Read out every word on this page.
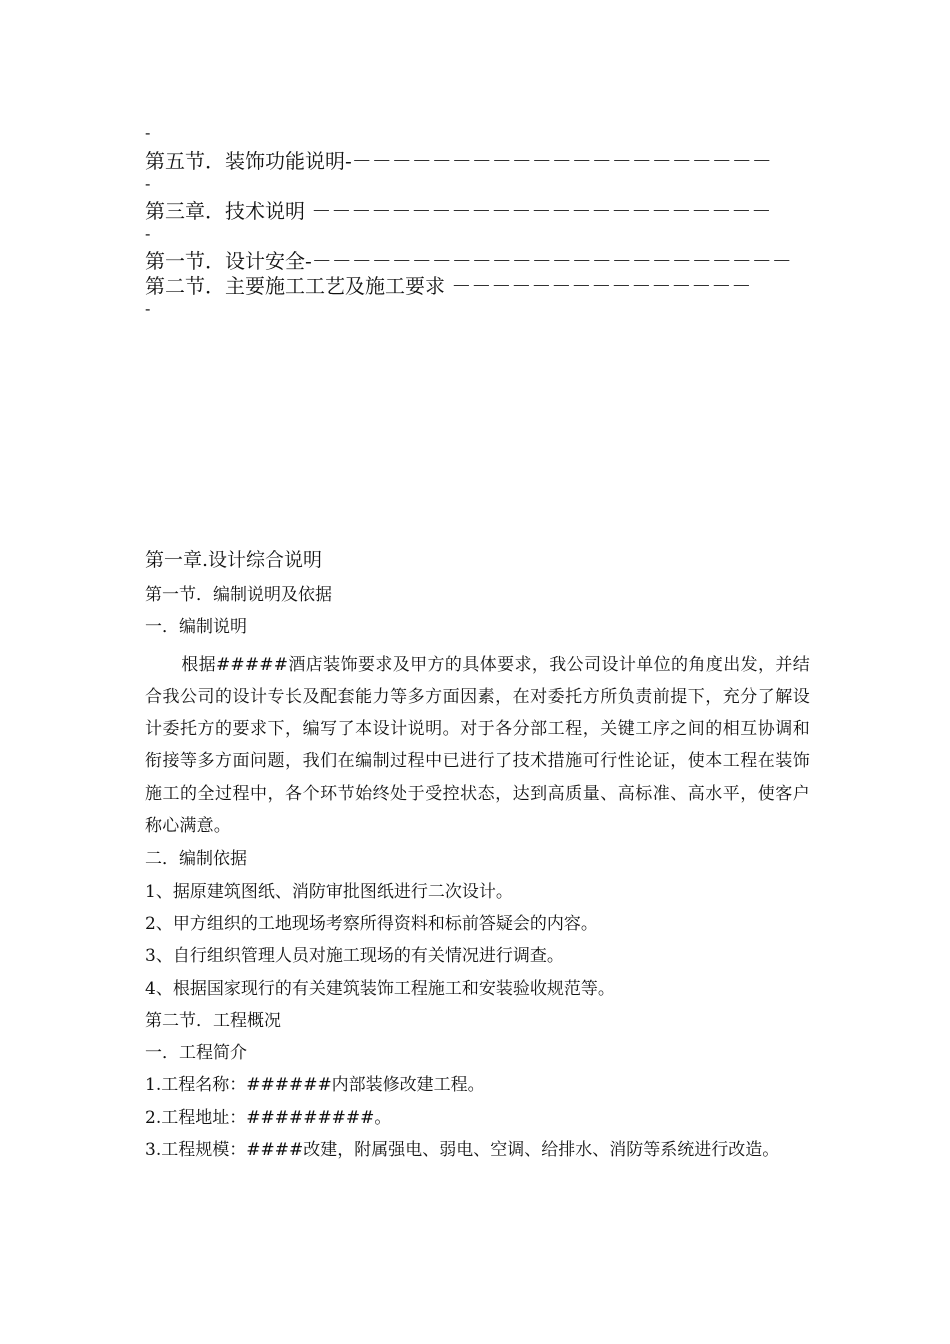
-
第五节．装饰功能说明-－－－－－－－－－－－－－－－－－－－－－
第三章．技术说明 －－－－－－－－－－－－－－－－－－－－－－－
第一节．设计安全-－－－－－－－－－－－－－－－－－－－－－－－－
第二节．主要施工工艺及施工要求 －－－－－－－－－－－－－－－
-
-
-
第一章.设计综合说明
第一节．编制说明及依据
一．编制说明
根据#####酒店装饰要求及甲方的具体要求，我公司设计单位的角度出发，并结合我公司的设计专长及配套能力等多方面因素，在对委托方所负责前提下，充分了解设计委托方的要求下，编写了本设计说明。对于各分部工程，关键工序之间的相互协调和衔接等多方面问题，我们在编制过程中已进行了技术措施可行性论证，使本工程在装饰施工的全过程中，各个环节始终处于受控状态，达到高质量、高标准、高水平，使客户称心满意。
二．编制依据
1、据原建筑图纸、消防审批图纸进行二次设计。
2、甲方组织的工地现场考察所得资料和标前答疑会的内容。
3、自行组织管理人员对施工现场的有关情况进行调查。
4、根据国家现行的有关建筑装饰工程施工和安装验收规范等。
第二节．工程概况
一．工程简介
1.工程名称：######内部装修改建工程。
2.工程地址：#########。
3.工程规模：####改建，附属强电、弱电、空调、给排水、消防等系统进行改造。
